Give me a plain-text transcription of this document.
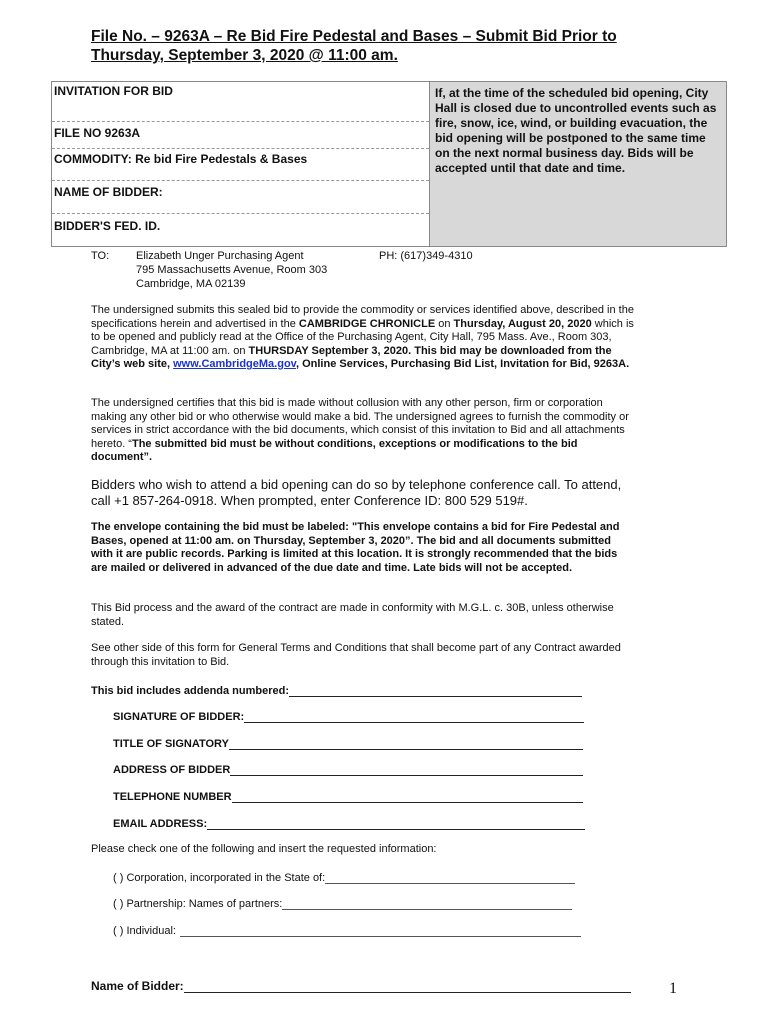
File No. – 9263A – Re Bid Fire Pedestal and Bases – Submit Bid Prior to Thursday, September 3, 2020 @ 11:00 am.
INVITATION FOR BID
FILE NO 9263A
COMMODITY: Re bid Fire Pedestals & Bases
NAME OF BIDDER:
BIDDER'S FED. ID.
If, at the time of the scheduled bid opening, City Hall is closed due to uncontrolled events such as fire, snow, ice, wind, or building evacuation, the bid opening will be postponed to the same time on the next normal business day. Bids will be accepted until that date and time.
TO: Elizabeth Unger Purchasing Agent
795 Massachusetts Avenue, Room 303
Cambridge, MA 02139
PH: (617)349-4310
The undersigned submits this sealed bid to provide the commodity or services identified above, described in the specifications herein and advertised in the CAMBRIDGE CHRONICLE on Thursday, August 20, 2020 which is to be opened and publicly read at the Office of the Purchasing Agent, City Hall, 795 Mass. Ave., Room 303, Cambridge, MA at 11:00 am. on THURSDAY September 3, 2020. This bid may be downloaded from the City’s web site, www.CambridgeMa.gov, Online Services, Purchasing Bid List, Invitation for Bid, 9263A.
The undersigned certifies that this bid is made without collusion with any other person, firm or corporation making any other bid or who otherwise would make a bid. The undersigned agrees to furnish the commodity or services in strict accordance with the bid documents, which consist of this invitation to Bid and all attachments hereto. “The submitted bid must be without conditions, exceptions or modifications to the bid document”.
Bidders who wish to attend a bid opening can do so by telephone conference call. To attend, call +1 857-264-0918. When prompted, enter Conference ID: 800 529 519#.
The envelope containing the bid must be labeled: "This envelope contains a bid for Fire Pedestal and Bases, opened at 11:00 am. on Thursday, September 3, 2020”. The bid and all documents submitted with it are public records. Parking is limited at this location. It is strongly recommended that the bids are mailed or delivered in advanced of the due date and time. Late bids will not be accepted.
This Bid process and the award of the contract are made in conformity with M.G.L. c. 30B, unless otherwise stated.
See other side of this form for General Terms and Conditions that shall become part of any Contract awarded through this invitation to Bid.
This bid includes addenda numbered:
SIGNATURE OF BIDDER:
TITLE OF SIGNATORY
ADDRESS OF BIDDER
TELEPHONE NUMBER
EMAIL ADDRESS:
Please check one of the following and insert the requested information:
( ) Corporation, incorporated in the State of:
( ) Partnership: Names of partners:
( ) Individual:
Name of Bidder:	1
